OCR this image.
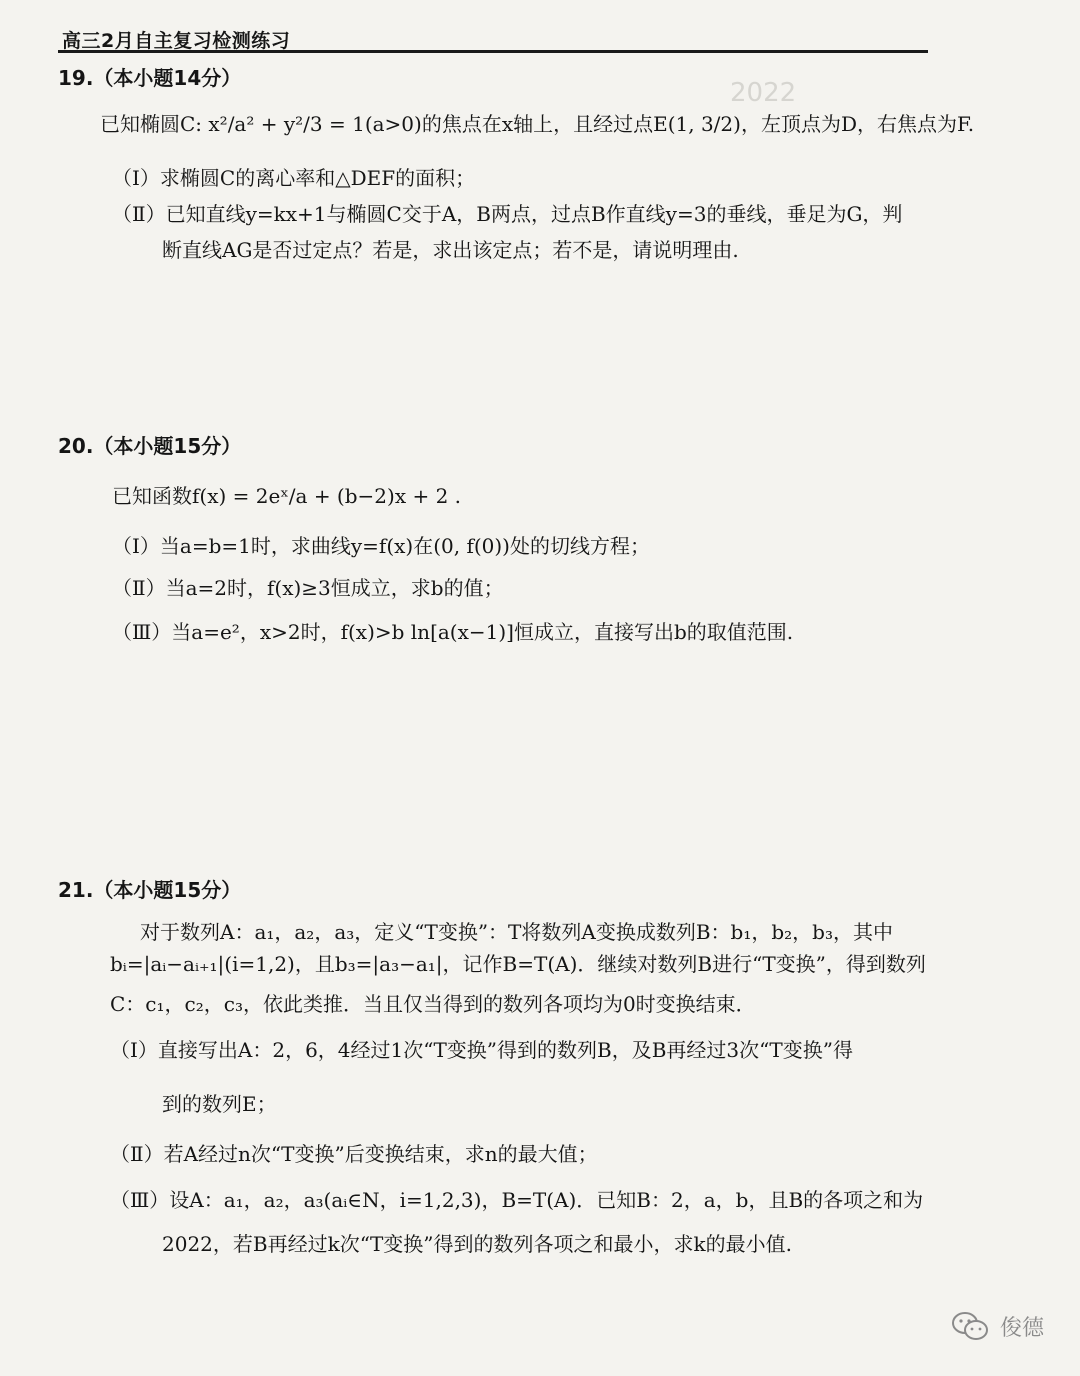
高三2月自主复习检测练习
2022
19.（本小题14分）
已知椭圆C: x²/a² + y²/3 = 1(a>0)的焦点在x轴上，且经过点E(1, 3/2)，左顶点为D，右焦点为F.
（Ⅰ）求椭圆C的离心率和△DEF的面积；
（Ⅱ）已知直线y=kx+1与椭圆C交于A，B两点，过点B作直线y=3的垂线，垂足为G，判
断直线AG是否过定点？若是，求出该定点；若不是，请说明理由.
20.（本小题15分）
已知函数f(x) = 2eˣ/a + (b−2)x + 2 .
（Ⅰ）当a=b=1时，求曲线y=f(x)在(0, f(0))处的切线方程；
（Ⅱ）当a=2时，f(x)≥3恒成立，求b的值；
（Ⅲ）当a=e²，x>2时，f(x)>b ln[a(x−1)]恒成立，直接写出b的取值范围.
21.（本小题15分）
对于数列A：a₁，a₂，a₃，定义“T变换”：T将数列A变换成数列B：b₁，b₂，b₃，其中
bᵢ=|aᵢ−aᵢ₊₁|(i=1,2)，且b₃=|a₃−a₁|，记作B=T(A)．继续对数列B进行“T变换”，得到数列
C：c₁，c₂，c₃，依此类推．当且仅当得到的数列各项均为0时变换结束．
（Ⅰ）直接写出A：2，6，4经过1次“T变换”得到的数列B，及B再经过3次“T变换”得
到的数列E；
（Ⅱ）若A经过n次“T变换”后变换结束，求n的最大值；
（Ⅲ）设A：a₁，a₂，a₃(aᵢ∈N，i=1,2,3)，B=T(A)．已知B：2，a，b，且B的各项之和为
2022，若B再经过k次“T变换”得到的数列各项之和最小，求k的最小值.
俊德
